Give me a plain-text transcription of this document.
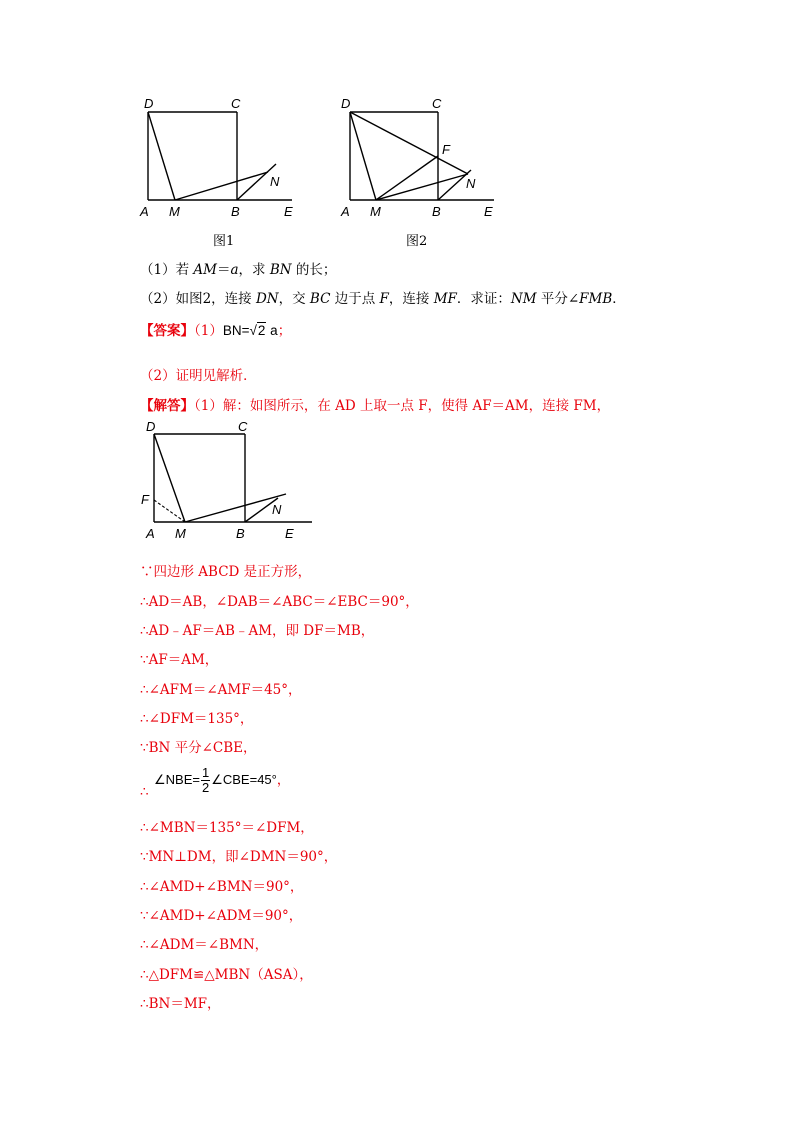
D	C
A M	B	E
N
图1
D	C
F
A M	B	E
N
图2
（1）若 AM＝a，求 BN 的长；
（2）如图2，连接 DN，交 BC 边于点 F，连接 MF．求证：NM 平分∠FMB．
【答案】（1）BN=√2 a；
（2）证明见解析．
【解答】（1）解：如图所示，在 AD 上取一点 F，使得 AF＝AM，连接 FM，
D	C
F
A M	B	E
N
∵四边形 ABCD 是正方形，
∴AD＝AB，∠DAB＝∠ABC＝∠EBC＝90°，
∴AD﹣AF＝AB﹣AM，即 DF＝MB，
∵AF＝AM，
∴∠AFM＝∠AMF＝45°，
∴∠DFM＝135°，
∵BN 平分∠CBE，
∴
∠NBE= $\frac{1}{2}$ ∠CBE=45°，
∴∠MBN＝135°＝∠DFM，
∵MN⊥DM，即∠DMN＝90°，
∴∠AMD+∠BMN＝90°，
∵∠AMD+∠ADM＝90°，
∴∠ADM＝∠BMN，
∴△DFM≌△MBN（ASA），
∴BN＝MF，
